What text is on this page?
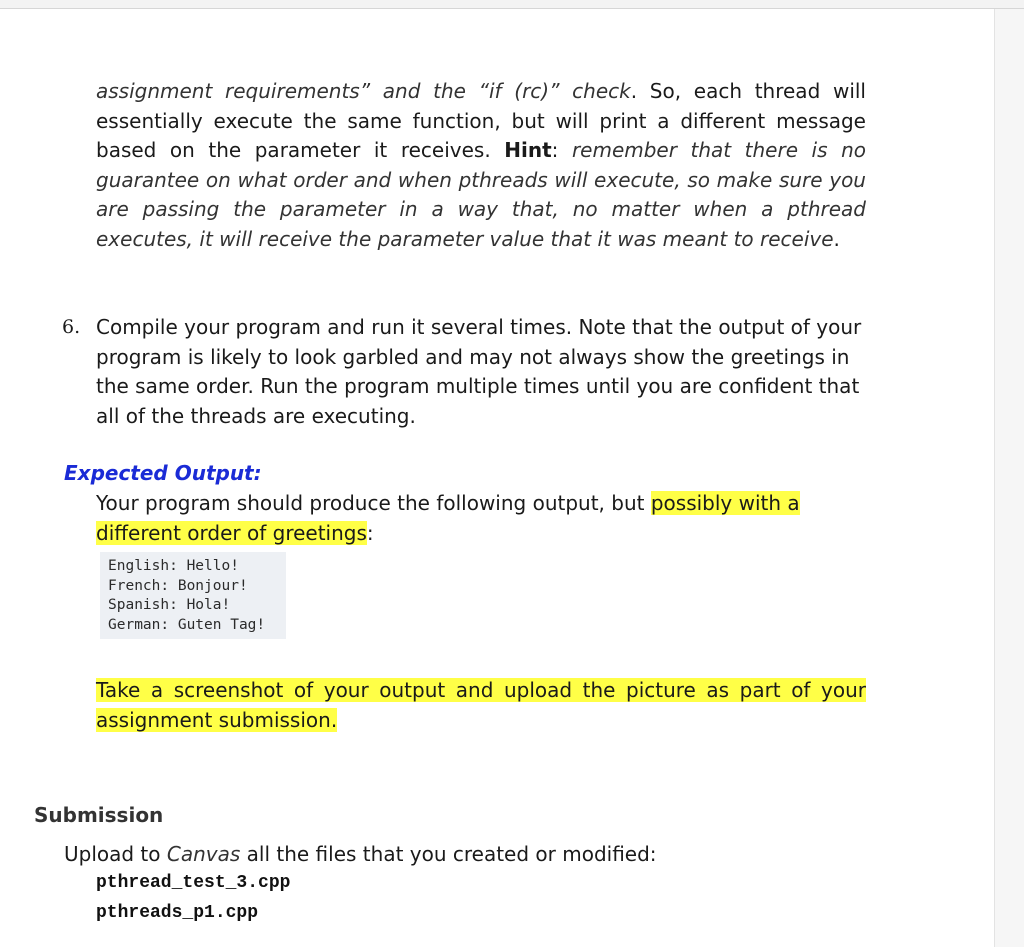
assignment requirements” and the “if (rc)” check. So, each thread will essentially execute the same function, but will print a different message based on the parameter it receives. Hint: remember that there is no guarantee on what order and when pthreads will execute, so make sure you are passing the parameter in a way that, no matter when a pthread executes, it will receive the parameter value that it was meant to receive.

6. Compile your program and run it several times. Note that the output of your program is likely to look garbled and may not always show the greetings in the same order. Run the program multiple times until you are confident that all of the threads are executing.

Expected Output:

Your program should produce the following output, but possibly with a different order of greetings:

English: Hello!
French: Bonjour!
Spanish: Hola!
German: Guten Tag!

Take a screenshot of your output and upload the picture as part of your assignment submission.

Submission

Upload to Canvas all the files that you created or modified:

pthread_test_3.cpp
pthreads_p1.cpp
